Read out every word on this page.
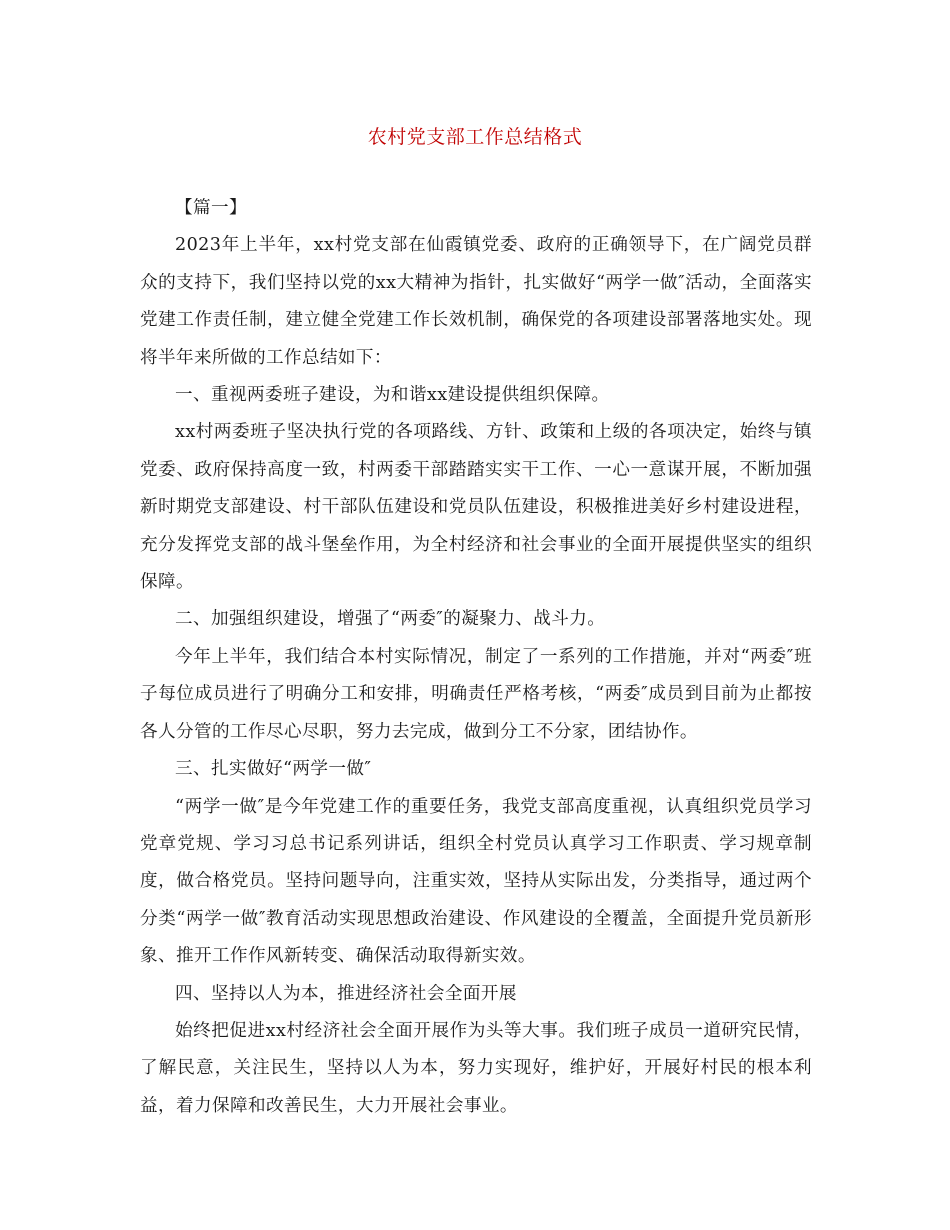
农村党支部工作总结格式

【篇一】

2023年上半年，xx村党支部在仙霞镇党委、政府的正确领导下，在广阔党员群众的支持下，我们坚持以党的xx大精神为指针，扎实做好“两学一做″活动，全面落实党建工作责任制，建立健全党建工作长效机制，确保党的各项建设部署落地实处。现将半年来所做的工作总结如下：

一、重视两委班子建设，为和谐xx建设提供组织保障。

xx村两委班子坚决执行党的各项路线、方针、政策和上级的各项决定，始终与镇党委、政府保持高度一致，村两委干部踏踏实实干工作、一心一意谋开展，不断加强新时期党支部建设、村干部队伍建设和党员队伍建设，积极推进美好乡村建设进程，充分发挥党支部的战斗堡垒作用，为全村经济和社会事业的全面开展提供坚实的组织保障。

二、加强组织建设，增强了“两委″的凝聚力、战斗力。

今年上半年，我们结合本村实际情况，制定了一系列的工作措施，并对“两委″班子每位成员进行了明确分工和安排，明确责任严格考核，“两委″成员到目前为止都按各人分管的工作尽心尽职，努力去完成，做到分工不分家，团结协作。

三、扎实做好“两学一做″

“两学一做″是今年党建工作的重要任务，我党支部高度重视，认真组织党员学习党章党规、学习习总书记系列讲话，组织全村党员认真学习工作职责、学习规章制度，做合格党员。坚持问题导向，注重实效，坚持从实际出发，分类指导，通过两个分类“两学一做″教育活动实现思想政治建设、作风建设的全覆盖，全面提升党员新形象、推开工作作风新转变、确保活动取得新实效。

四、坚持以人为本，推进经济社会全面开展

始终把促进xx村经济社会全面开展作为头等大事。我们班子成员一道研究民情，了解民意，关注民生，坚持以人为本，努力实现好，维护好，开展好村民的根本利益，着力保障和改善民生，大力开展社会事业。
